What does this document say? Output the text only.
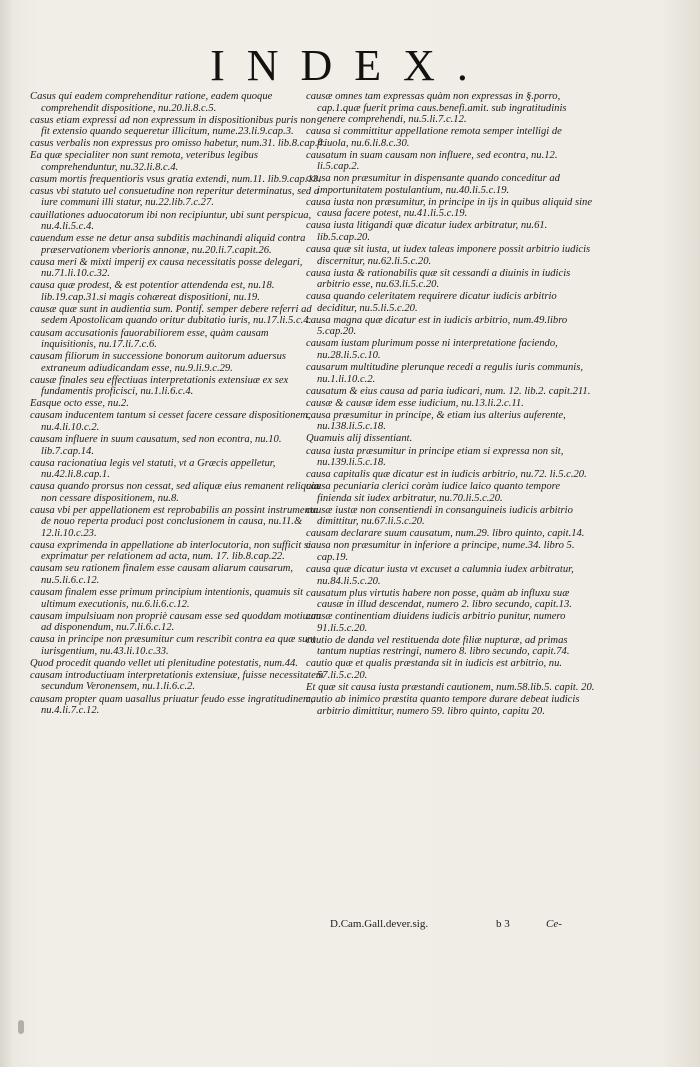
INDEX.
Casus qui eadem comprehenditur ratione, eadem quoque comprehendit dispositione, nu.20.li.8.c.5.
casus etiam expressi ad non expressum in dispositionibus puris non fit extensio quando sequeretur illicitum, nume.23.li.9.cap.3.
casus verbalis non expressus pro omisso habetur, num.31. lib.8.cap.4.
Ea quæ specialiter non sunt remota, veteribus legibus comprehenduntur, nu.32.li.8.c.4.
casum mortis frequentioris vsus gratia extendi, num.11. lib.9.cap.13.
casus vbi statuto uel consuetudine non reperitur determinatus, sed a iure communi illi statur, nu.22.lib.7.c.27.
cauillationes aduocatorum ibi non recipiuntur, ubi sunt perspicua, nu.4.li.5.c.4.
cauendum esse ne detur ansa subditis machinandi aliquid contra præservationem vberioris annonæ, nu.20.li.7.capit.26.
causa meri & mixti imperij ex causa necessitatis posse delegari, nu.71.li.10.c.32.
causa quæ prodest, & est potentior attendenda est, nu.18. lib.19.cap.31.si magis cohæreat dispositioni, nu.19.
causæ quæ sunt in audientia sum. Pontif. semper debere referri ad sedem Apostolicam quando oritur dubitatio iuris, nu.17.li.5.c.4.
causam accusationis fauorabiliorem esse, quàm causam inquisitionis, nu.17.li.7.c.6.
causam filiorum in successione bonorum auitorum aduersus extraneum adiudicandam esse, nu.9.li.9.c.29.
causæ finales seu effectiuas interpretationis extensiuæ ex sex fundamentis proficisci, nu.1.li.6.c.4.
Easque octo esse, nu.2.
causam inducentem tantum si cesset facere cessare dispositionem, nu.4.li.10.c.2.
causam influere in suum causatum, sed non econtra, nu.10. lib.7.cap.14.
causa racionatiua legis vel statuti, vt a Græcis appelletur, nu.42.li.8.cap.1.
causa quando prorsus non cessat, sed aliquæ eius remanent reliquiæ non cessare dispositionem, nu.8.
causa vbi per appellationem est reprobabilis an possint instrumenta de nouo reperta produci post conclusionem in causa, nu.11.& 12.li.10.c.23.
causa exprimenda in appellatione ab interlocutoria, non sufficit si exprimatur per relationem ad acta, num. 17. lib.8.cap.22.
causam seu rationem finalem esse causam aliarum causarum, nu.5.li.6.c.12.
causam finalem esse primum principium intentionis, quamuis sit ultimum executionis, nu.6.li.6.c.12.
causam impulsiuam non propriè causam esse sed quoddam motiuum ad disponendum, nu.7.li.6.c.12.
causa in principe non præsumitur cum rescribit contra ea quæ sunt iurisgentium, nu.43.li.10.c.33.
Quod procedit quando vellet uti plenitudine potestatis, num.44.
causam introductiuam interpretationis extensiuæ, fuisse necessitatem secundum Veronensem, nu.1.li.6.c.2.
causam propter quam uasallus priuatur feudo esse ingratitudinem, nu.4.li.7.c.12.
causæ omnes tam expressas quàm non expressas in §.porro, cap.1.quæ fuerit prima caus.benefi.amit. sub ingratitudinis genere comprehendi, nu.5.li.7.c.12.
causa si committitur appellatione remota semper intelligi de friuola, nu.6.li.8.c.30.
causatum in suam causam non influere, sed econtra, nu.12. li.5.cap.2.
causa non præsumitur in dispensante quando conceditur ad importunitatem postulantium, nu.40.li.5.c.19.
causa iusta non præsumitur, in principe in ijs in quibus aliquid sine causa facere potest, nu.41.li.5.c.19.
causa iusta litigandi quæ dicatur iudex arbitratur, nu.61. lib.5.cap.20.
causa quæ sit iusta, ut iudex taleas imponere possit arbitrio iudicis discernitur, nu.62.li.5.c.20.
causa iusta & rationabilis quæ sit cessandi a diuinis in iudicis arbitrio esse, nu.63.li.5.c.20.
causa quando celeritatem requirere dicatur iudicis arbitrio deciditur, nu.5.li.5.c.20.
causa magna quæ dicatur est in iudicis arbitrio, num.49.libro 5.cap.20.
causam iustam plurimum posse ni interpretatione faciendo, nu.28.li.5.c.10.
causarum multitudine plerunque recedi a regulis iuris communis, nu.1.li.10.c.2.
causatum & eius causa ad paria iudicari, num. 12. lib.2. capit.211.
causæ & causæ idem esse iudicium, nu.13.li.2.c.11.
causa præsumitur in principe, & etiam ius alterius auferente, nu.138.li.5.c.18.
Quamuis alij dissentiant.
causa iusta præsumitur in principe etiam si expressa non sit, nu.139.li.5.c.18.
causa capitalis quæ dicatur est in iudicis arbitrio, nu.72. li.5.c.20.
causa pecuniaria clerici coràm iudice laico quanto tempore finienda sit iudex arbitratur, nu.70.li.5.c.20.
causæ iustæ non consentiendi in consanguineis iudicis arbitrio dimittitur, nu.67.li.5.c.20.
causam declarare suum causatum, num.29. libro quinto, capit.14.
causa non præsumitur in inferiore a principe, nume.34. libro 5. cap.19.
causa quæ dicatur iusta vt excuset a calumnia iudex arbitratur, nu.84.li.5.c.20.
causatum plus virtutis habere non posse, quàm ab influxu suæ causæ in illud descendat, numero 2. libro secundo, capit.13.
causæ continentiam diuidens iudicis arbitrio punitur, numero 91.li.5.c.20.
cautio de danda vel restituenda dote filiæ nupturæ, ad primas tantum nuptias restringi, numero 8. libro secundo, capit.74.
cautio quæ et qualis præstanda sit in iudicis est arbitrio, nu. 57.li.5.c.20.
Et quæ sit causa iusta præstandi cautionem, num.58.lib.5. capit. 20.
cautio ab inimico præstita quanto tempore durare debeat iudicis arbitrio dimittitur, numero 59. libro quinto, capitu 20.
D.Cam.Gall.dever.sig.	b 3	Ce-
